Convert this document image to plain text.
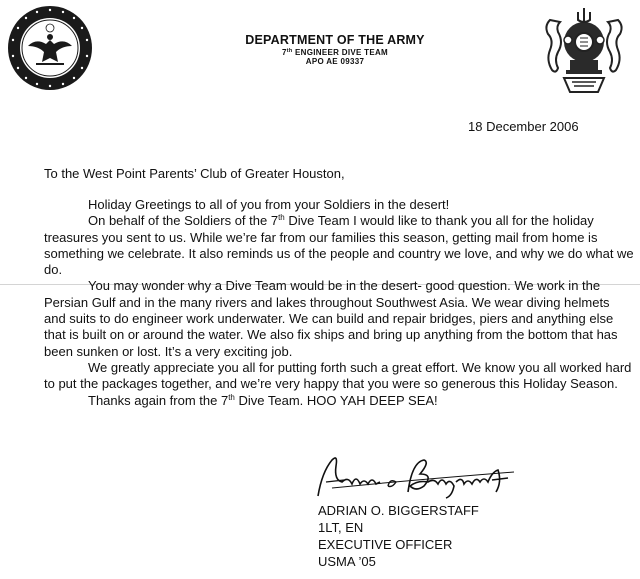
DEPARTMENT OF THE ARMY
7th ENGINEER DIVE TEAM
APO AE 09337
18 December 2006
To the West Point Parents’ Club of Greater Houston,

Holiday Greetings to all of you from your Soldiers in the desert!

On behalf of the Soldiers of the 7th Dive Team I would like to thank you all for the holiday treasures you sent to us. While we’re far from our families this season, getting mail from home is something we celebrate. It also reminds us of the people and country we love, and why we do what we do.

You may wonder why a Dive Team would be in the desert- good question. We work in the Persian Gulf and in the many rivers and lakes throughout Southwest Asia. We wear diving helmets and suits to do engineer work underwater. We can build and repair bridges, piers and anything else that is built on or around the water. We also fix ships and bring up anything from the bottom that has been sunken or lost. It’s a very exciting job.

We greatly appreciate you all for putting forth such a great effort. We know you all worked hard to put the packages together, and we’re very happy that you were so generous this Holiday Season.

Thanks again from the 7th Dive Team. HOO YAH DEEP SEA!

ADRIAN O. BIGGERSTAFF
1LT, EN
EXECUTIVE OFFICER
USMA ’05
